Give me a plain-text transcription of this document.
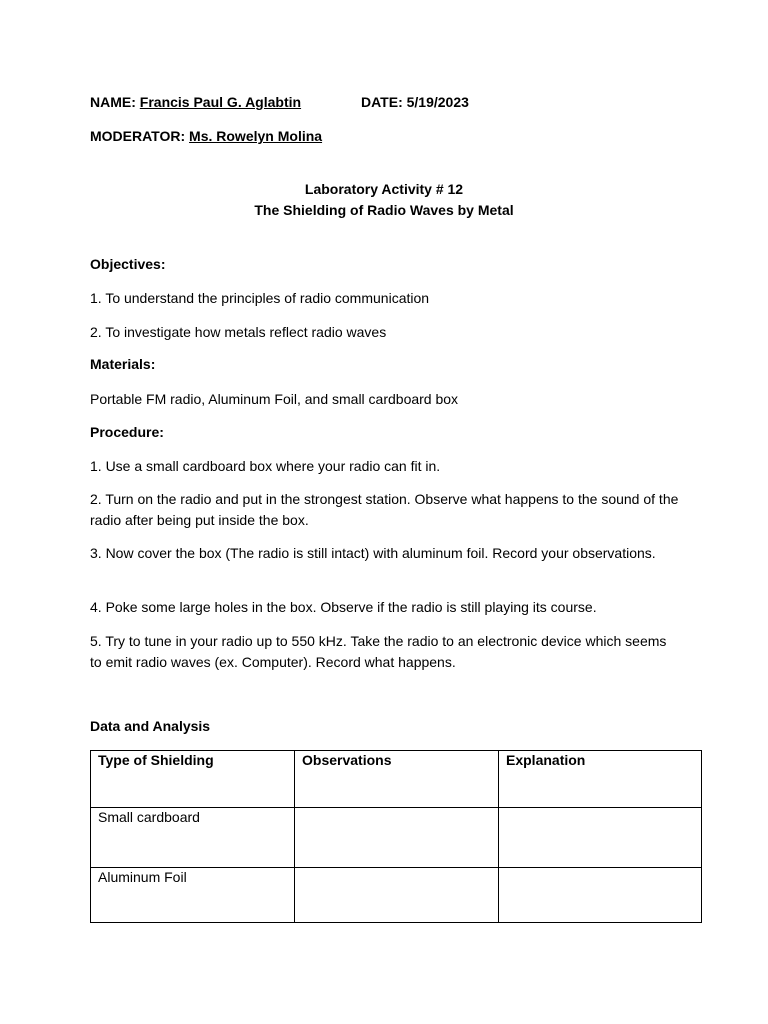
NAME: Francis Paul G. Aglabtin	DATE: 5/19/2023
MODERATOR: Ms. Rowelyn Molina
Laboratory Activity # 12
The Shielding of Radio Waves by Metal
Objectives:
1. To understand the principles of radio communication
2. To investigate how metals reflect radio waves
Materials:
Portable FM radio, Aluminum Foil, and small cardboard box
Procedure:
1. Use a small cardboard box where your radio can fit in.
2. Turn on the radio and put in the strongest station. Observe what happens to the sound of the radio after being put inside the box.
3. Now cover the box (The radio is still intact) with aluminum foil. Record your observations.
4. Poke some large holes in the box. Observe if the radio is still playing its course.
5. Try to tune in your radio up to 550 kHz. Take the radio to an electronic device which seems to emit radio waves (ex. Computer). Record what happens.
Data and Analysis
Type of Shielding	Observations	Explanation
Small cardboard		
Aluminum Foil		
